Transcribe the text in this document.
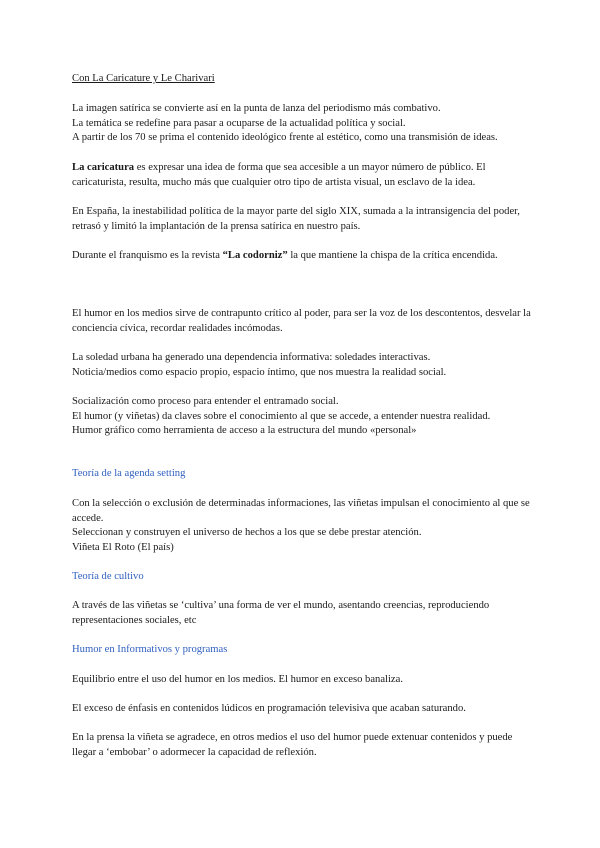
Con La Caricature y Le Charivari

La imagen satírica se convierte así en la punta de lanza del periodismo más combativo.

La temática se redefine para pasar a ocuparse de la actualidad política y social.

A partir de los 70 se prima el contenido ideológico frente al estético, como una transmisión de ideas.

La caricatura es expresar una idea de forma que sea accesible a un mayor número de público. El caricaturista, resulta, mucho más que cualquier otro tipo de artista visual, un esclavo de la idea.

En España, la inestabilidad política de la mayor parte del siglo XIX, sumada a la intransigencia del poder, retrasó y limitó la implantación de la prensa satírica en nuestro país.

Durante el franquismo es la revista “La codorniz” la que mantiene la chispa de la crítica encendida.

El humor en los medios sirve de contrapunto crítico al poder, para ser la voz de los descontentos, desvelar la conciencia cívica, recordar realidades incómodas.

La soledad urbana ha generado una dependencia informativa: soledades interactivas.

Noticia/medios como espacio propio, espacio íntimo, que nos muestra la realidad social.

Socialización como proceso para entender el entramado social.

El humor (y viñetas) da claves sobre el conocimiento al que se accede, a entender nuestra realidad.

Humor gráfico como herramienta de acceso a la estructura del mundo «personal»

Teoría de la agenda setting

Con la selección o exclusión de determinadas informaciones, las viñetas impulsan el conocimiento al que se accede.

Seleccionan y construyen el universo de hechos a los que se debe prestar atención.

Viñeta El Roto (El país)

Teoría de cultivo

A través de las viñetas se ‘cultiva’ una forma de ver el mundo, asentando creencias, reproduciendo representaciones sociales, etc

Humor en Informativos y programas

Equilibrio entre el uso del humor en los medios. El humor en exceso banaliza.

El exceso de énfasis en contenidos lúdicos en programación televisiva que acaban saturando.

En la prensa la viñeta se agradece, en otros medios el uso del humor puede extenuar contenidos y puede llegar a ‘embobar’ o adormecer la capacidad de reflexión.
